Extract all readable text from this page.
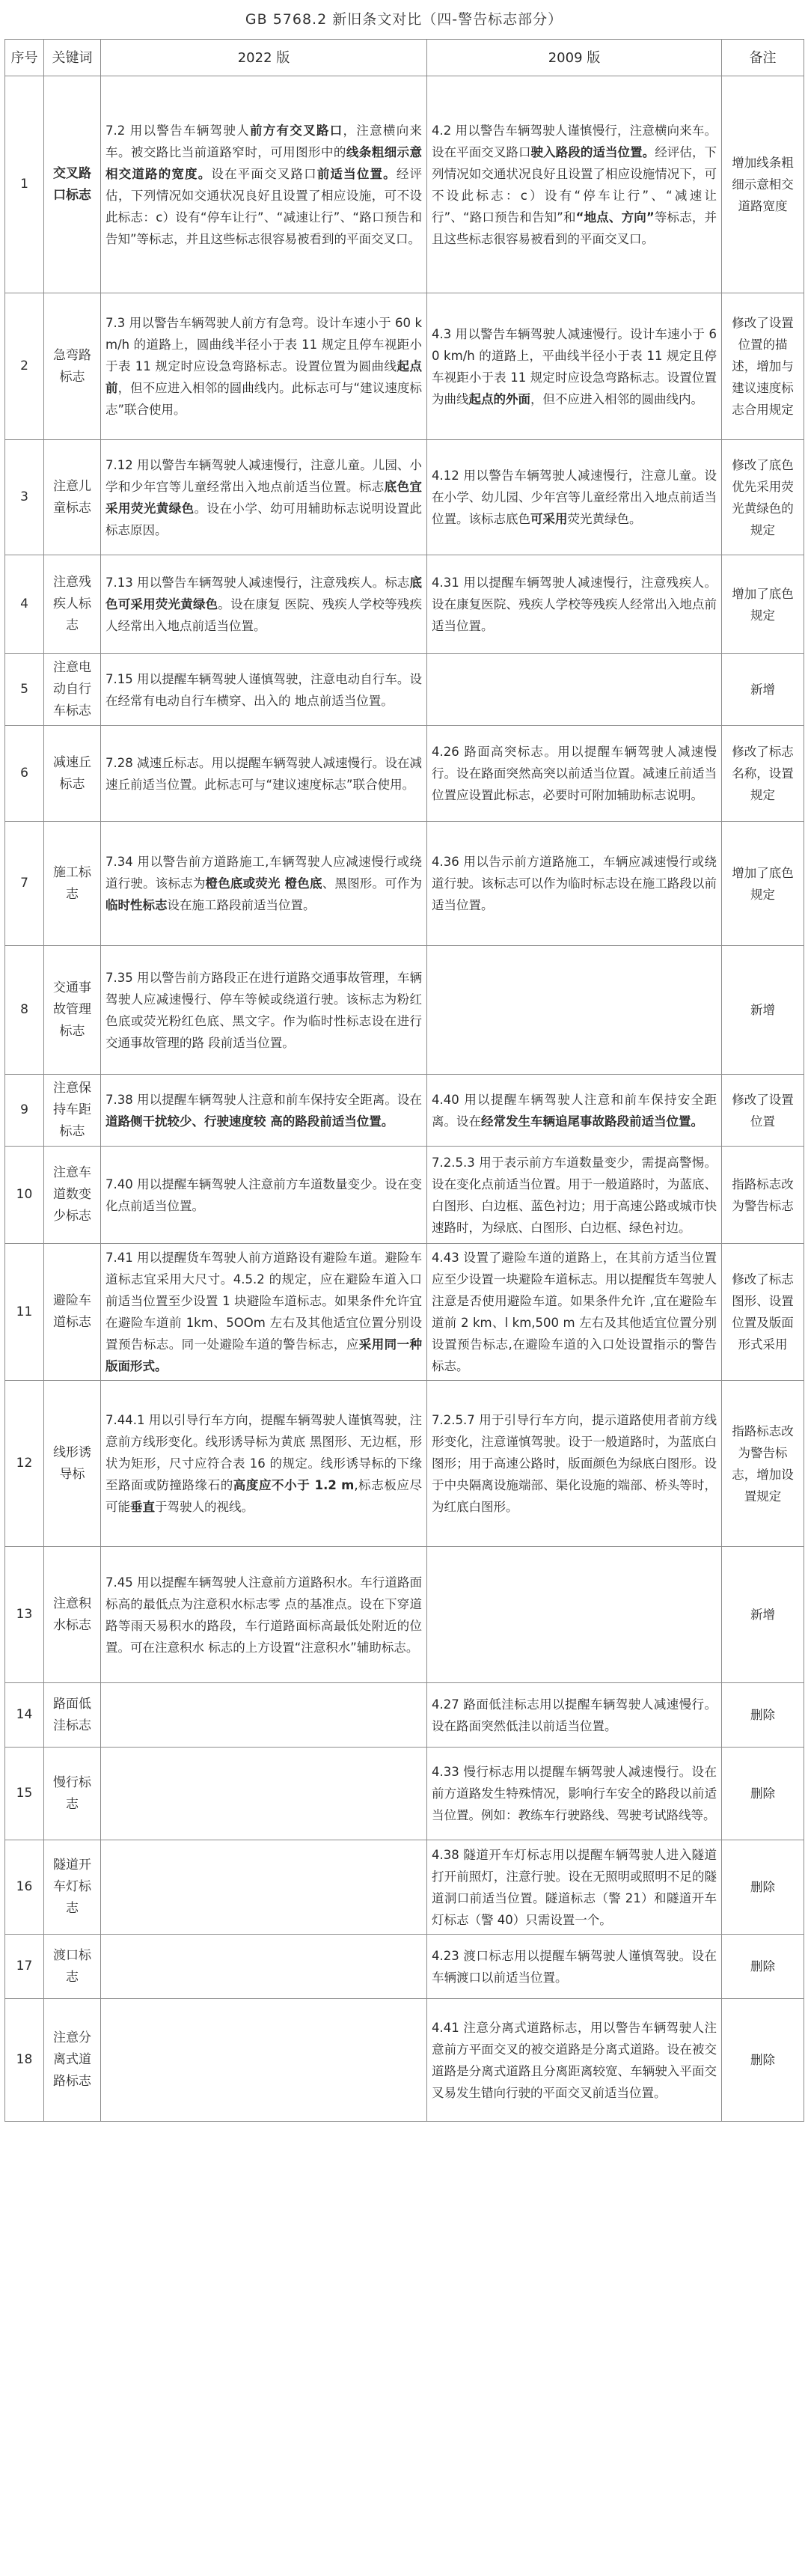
GB 5768.2 新旧条文对比（四-警告标志部分）
序号	关键词	2022 版	2009 版	备注
1	交叉路口标志	7.2 用以警告车辆驾驶人前方有交叉路口，注意横向来车。被交路比当前道路窄时，可用图形中的线条粗细示意相交道路的宽度。设在平面交叉路口前适当位置。经评估，下列情况如交通状况良好且设置了相应设施，可不设此标志：c）设有“停车让行”、“减速让行”、“路口预告和告知”等标志，并且这些标志很容易被看到的平面交叉口。	4.2 用以警告车辆驾驶人谨慎慢行，注意横向来车。设在平面交叉路口驶入路段的适当位置。经评估，下列情况如交通状况良好且设置了相应设施情况下，可不设此标志：c）设有“停车让行”、“减速让行”、“路口预告和告知”和“地点、方向”等标志，并且这些标志很容易被看到的平面交叉口。	增加线条粗细示意相交道路宽度
2	急弯路标志	7.3 用以警告车辆驾驶人前方有急弯。设计车速小于 60 km/h 的道路上，圆曲线半径小于表 11 规定且停车视距小于表 11 规定时应设急弯路标志。设置位置为圆曲线起点前，但不应进入相邻的圆曲线内。此标志可与“建议速度标志”联合使用。	4.3 用以警告车辆驾驶人减速慢行。设计车速小于 60 km/h 的道路上，平曲线半径小于表 11 规定且停车视距小于表 11 规定时应设急弯路标志。设置位置为曲线起点的外面，但不应进入相邻的圆曲线内。	修改了设置位置的描述，增加与建议速度标志合用规定
3	注意儿童标志	7.12 用以警告车辆驾驶人减速慢行，注意儿童。儿园、小学和少年宫等儿童经常出入地点前适当位置。标志底色宜采用荧光黄绿色。设在小学、幼可用辅助标志说明设置此标志原因。	4.12 用以警告车辆驾驶人减速慢行，注意儿童。设在小学、幼儿园、少年宫等儿童经常出入地点前适当 位置。该标志底色可采用荧光黄绿色。	修改了底色优先采用荧光黄绿色的规定
4	注意残疾人标志	7.13 用以警告车辆驾驶人减速慢行，注意残疾人。标志底色可采用荧光黄绿色。设在康复 医院、残疾人学校等残疾人经常出入地点前适当位置。	4.31 用以提醒车辆驾驶人减速慢行，注意残疾人。设在康复医院、残疾人学校等残疾人经常出入地点前适当位置。	增加了底色规定
5	注意电动自行车标志	7.15 用以提醒车辆驾驶人谨慎驾驶，注意电动自行车。设在经常有电动自行车横穿、出入的 地点前适当位置。		新增
6	减速丘标志	7.28 减速丘标志。用以提醒车辆驾驶人减速慢行。设在减速丘前适当位置。此标志可与“建议速度标志”联合使用。	4.26 路面高突标志。用以提醒车辆驾驶人减速慢行。设在路面突然高突以前适当位置。减速丘前适当位置应设置此标志，必要时可附加辅助标志说明。	修改了标志名称，设置规定
7	施工标志	7.34 用以警告前方道路施工,车辆驾驶人应减速慢行或绕道行驶。该标志为橙色底或荧光 橙色底、黑图形。可作为临时性标志设在施工路段前适当位置。	4.36 用以告示前方道路施工，车辆应减速慢行或绕道行驶。该标志可以作为临时标志设在施工路段以前适当位置。	增加了底色规定
8	交通事故管理标志	7.35 用以警告前方路段正在进行道路交通事故管理，车辆驾驶人应减速慢行、停车等候或绕道行驶。该标志为粉红色底或荧光粉红色底、黑文字。作为临时性标志设在进行交通事故管理的路 段前适当位置。		新增
9	注意保持车距标志	7.38 用以提醒车辆驾驶人注意和前车保持安全距离。设在道路侧干扰较少、行驶速度较 高的路段前适当位置。	4.40 用以提醒车辆驾驶人注意和前车保持安全距离。设在经常发生车辆追尾事故路段前适当位置。	修改了设置位置
10	注意车道数变少标志	7.40 用以提醒车辆驾驶人注意前方车道数量变少。设在变化点前适当位置。	7.2.5.3 用于表示前方车道数量变少，需提高警惕。设在变化点前适当位置。用于一般道路时，为蓝底、白图形、白边框、蓝色衬边；用于高速公路或城市快速路时，为绿底、白图形、白边框、绿色衬边。	指路标志改为警告标志
11	避险车道标志	7.41 用以提醒货车驾驶人前方道路设有避险车道。避险车道标志宜采用大尺寸。4.5.2 的规定，应在避险车道入口前适当位置至少设置 1 块避险车道标志。如果条件允许宜在避险车道前 1km、5OOm 左右及其他适宜位置分别设置预告标志。同一处避险车道的警告标志，应采用同一种版面形式。	4.43 设置了避险车道的道路上，在其前方适当位置应至少设置一块避险车道标志。用以提醒货车驾驶人注意是否使用避险车道。如果条件允许 ,宜在避险车道前 2 km、l km,500 m 左右及其他适宜位置分别设置预告标志,在避险车道的入口处设置指示的警告标志。	修改了标志图形、设置位置及版面形式采用
12	线形诱导标	7.44.1 用以引导行车方向，提醒车辆驾驶人谨慎驾驶，注意前方线形变化。线形诱导标为黄底 黑图形、无边框，形状为矩形，尺寸应符合表 16 的规定。线形诱导标的下缘至路面或防撞路缘石的高度应不小于 1.2 m,标志板应尽可能垂直于驾驶人的视线。	7.2.5.7 用于引导行车方向，提示道路使用者前方线形变化，注意谨慎驾驶。设于一般道路时，为蓝底白图形；用于高速公路时，版面颜色为绿底白图形。设于中央隔离设施端部、渠化设施的端部、桥头等时，为红底白图形。	指路标志改为警告标志，增加设置规定
13	注意积水标志	7.45 用以提醒车辆驾驶人注意前方道路积水。车行道路面标高的最低点为注意积水标志零 点的基准点。设在下穿道路等雨天易积水的路段，车行道路面标高最低处附近的位置。可在注意积水 标志的上方设置“注意积水”辅助标志。		新增
14	路面低洼标志		4.27 路面低洼标志用以提醒车辆驾驶人减速慢行。设在路面突然低洼以前适当位置。	删除
15	慢行标志		4.33 慢行标志用以提醒车辆驾驶人减速慢行。设在前方道路发生特殊情况，影响行车安全的路段以前适当位置。例如：教练车行驶路线、驾驶考试路线等。	删除
16	隧道开车灯标志		4.38 隧道开车灯标志用以提醒车辆驾驶人进入隧道打开前照灯，注意行驶。设在无照明或照明不足的隧道洞口前适当位置。隧道标志（警 21）和隧道开车灯标志（警 40）只需设置一个。	删除
17	渡口标志		4.23 渡口标志用以提醒车辆驾驶人谨慎驾驶。设在车辆渡口以前适当位置。	删除
18	注意分离式道路标志		4.41 注意分离式道路标志，用以警告车辆驾驶人注意前方平面交叉的被交道路是分离式道路。设在被交道路是分离式道路且分离距离较宽、车辆驶入平面交叉易发生错向行驶的平面交叉前适当位置。	删除
